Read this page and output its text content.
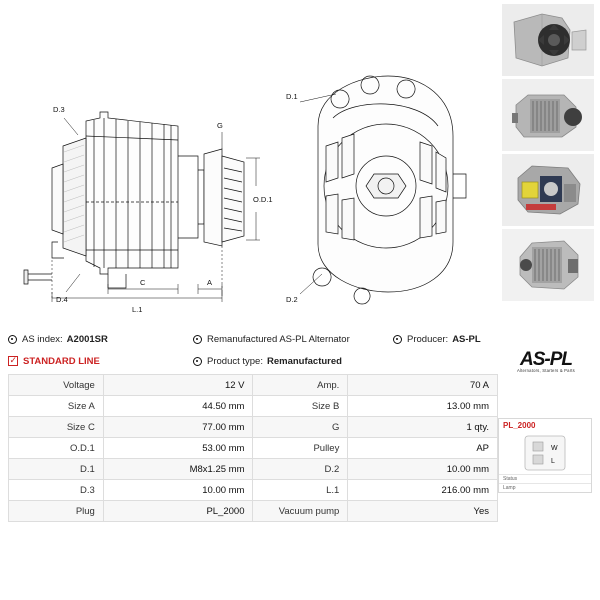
D.3
D.4
G
O.D.1
L.1
C	A
D.1
D.2
AS index: A2001SR	Remanufactured AS-PL Alternator	Producer: AS-PL
✓
STANDARD LINE	Product type: Remanufactured
Voltage	12 V	Amp.	70 A
Size A	44.50 mm	Size B	13.00 mm
Size C	77.00 mm	G	1 qty.
O.D.1	53.00 mm	Pulley	AP
D.1	M8x1.25 mm	D.2	10.00 mm
D.3	10.00 mm	L.1	216.00 mm
Plug	PL_2000	Vacuum pump	Yes
AS-PL
Alternators, Starters & Parts
PL_2000
W
L
Status
Lamp
